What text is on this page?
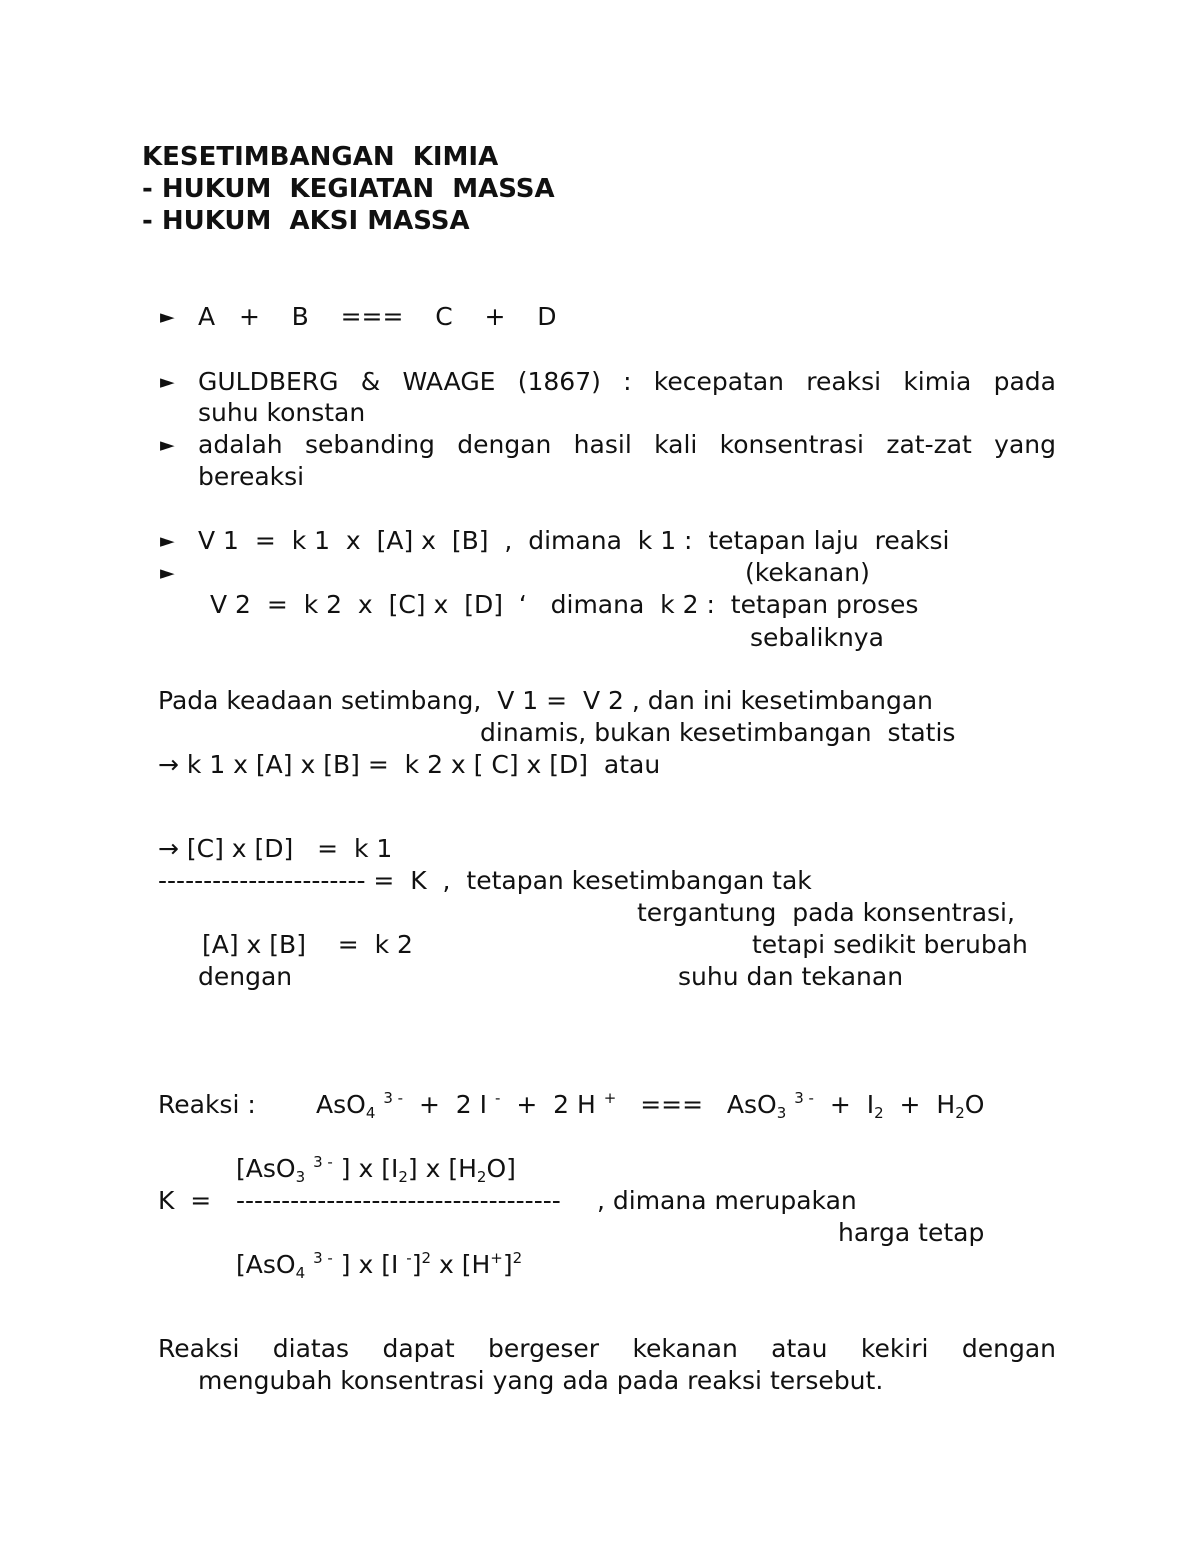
KESETIMBANGAN  KIMIA
- HUKUM  KEGIATAN  MASSA
- HUKUM  AKSI MASSA
► A   +    B    ===    C    +    D
► GULDBERG & WAAGE (1867) : kecepatan reaksi kimia pada
suhu konstan
► adalah sebanding dengan hasil kali konsentrasi zat-zat yang
bereaksi
► V 1  =  k 1  x  [A] x  [B]  ,  dimana  k 1 :  tetapan laju  reaksi
►	(kekanan)
V 2  =  k 2  x  [C] x  [D]  ‘   dimana  k 2 :  tetapan proses
sebaliknya
Pada keadaan setimbang,  V 1 =  V 2 , dan ini kesetimbangan
dinamis, bukan kesetimbangan  statis
→ k 1 x [A] x [B] =  k 2 x [ C] x [D]  atau
→ [C] x [D]   =  k 1
----------------------- =  K  ,  tetapan kesetimbangan tak
tergantung  pada konsentrasi,
[A] x [B]    =  k 2	tetapi sedikit berubah
dengan	suhu dan tekanan
Reaksi : AsO$_4$ $^{3 -}$ +  2 I - +  2 H + === AsO$_3$ $^{3 -} + I_2 + H_2O$
[AsO$_3$ $^{3 -}$ ] x $[I_2]$ x $[H_2O]$
K  = ------------------------------------ , dimana merupakan
harga tetap
[AsO$_4$ $^{3 -}$ ] x [I -]$^2$ x $[H^+]^2$
Reaksi diatas dapat bergeser kekanan atau kekiri dengan
mengubah konsentrasi yang ada pada reaksi tersebut.
